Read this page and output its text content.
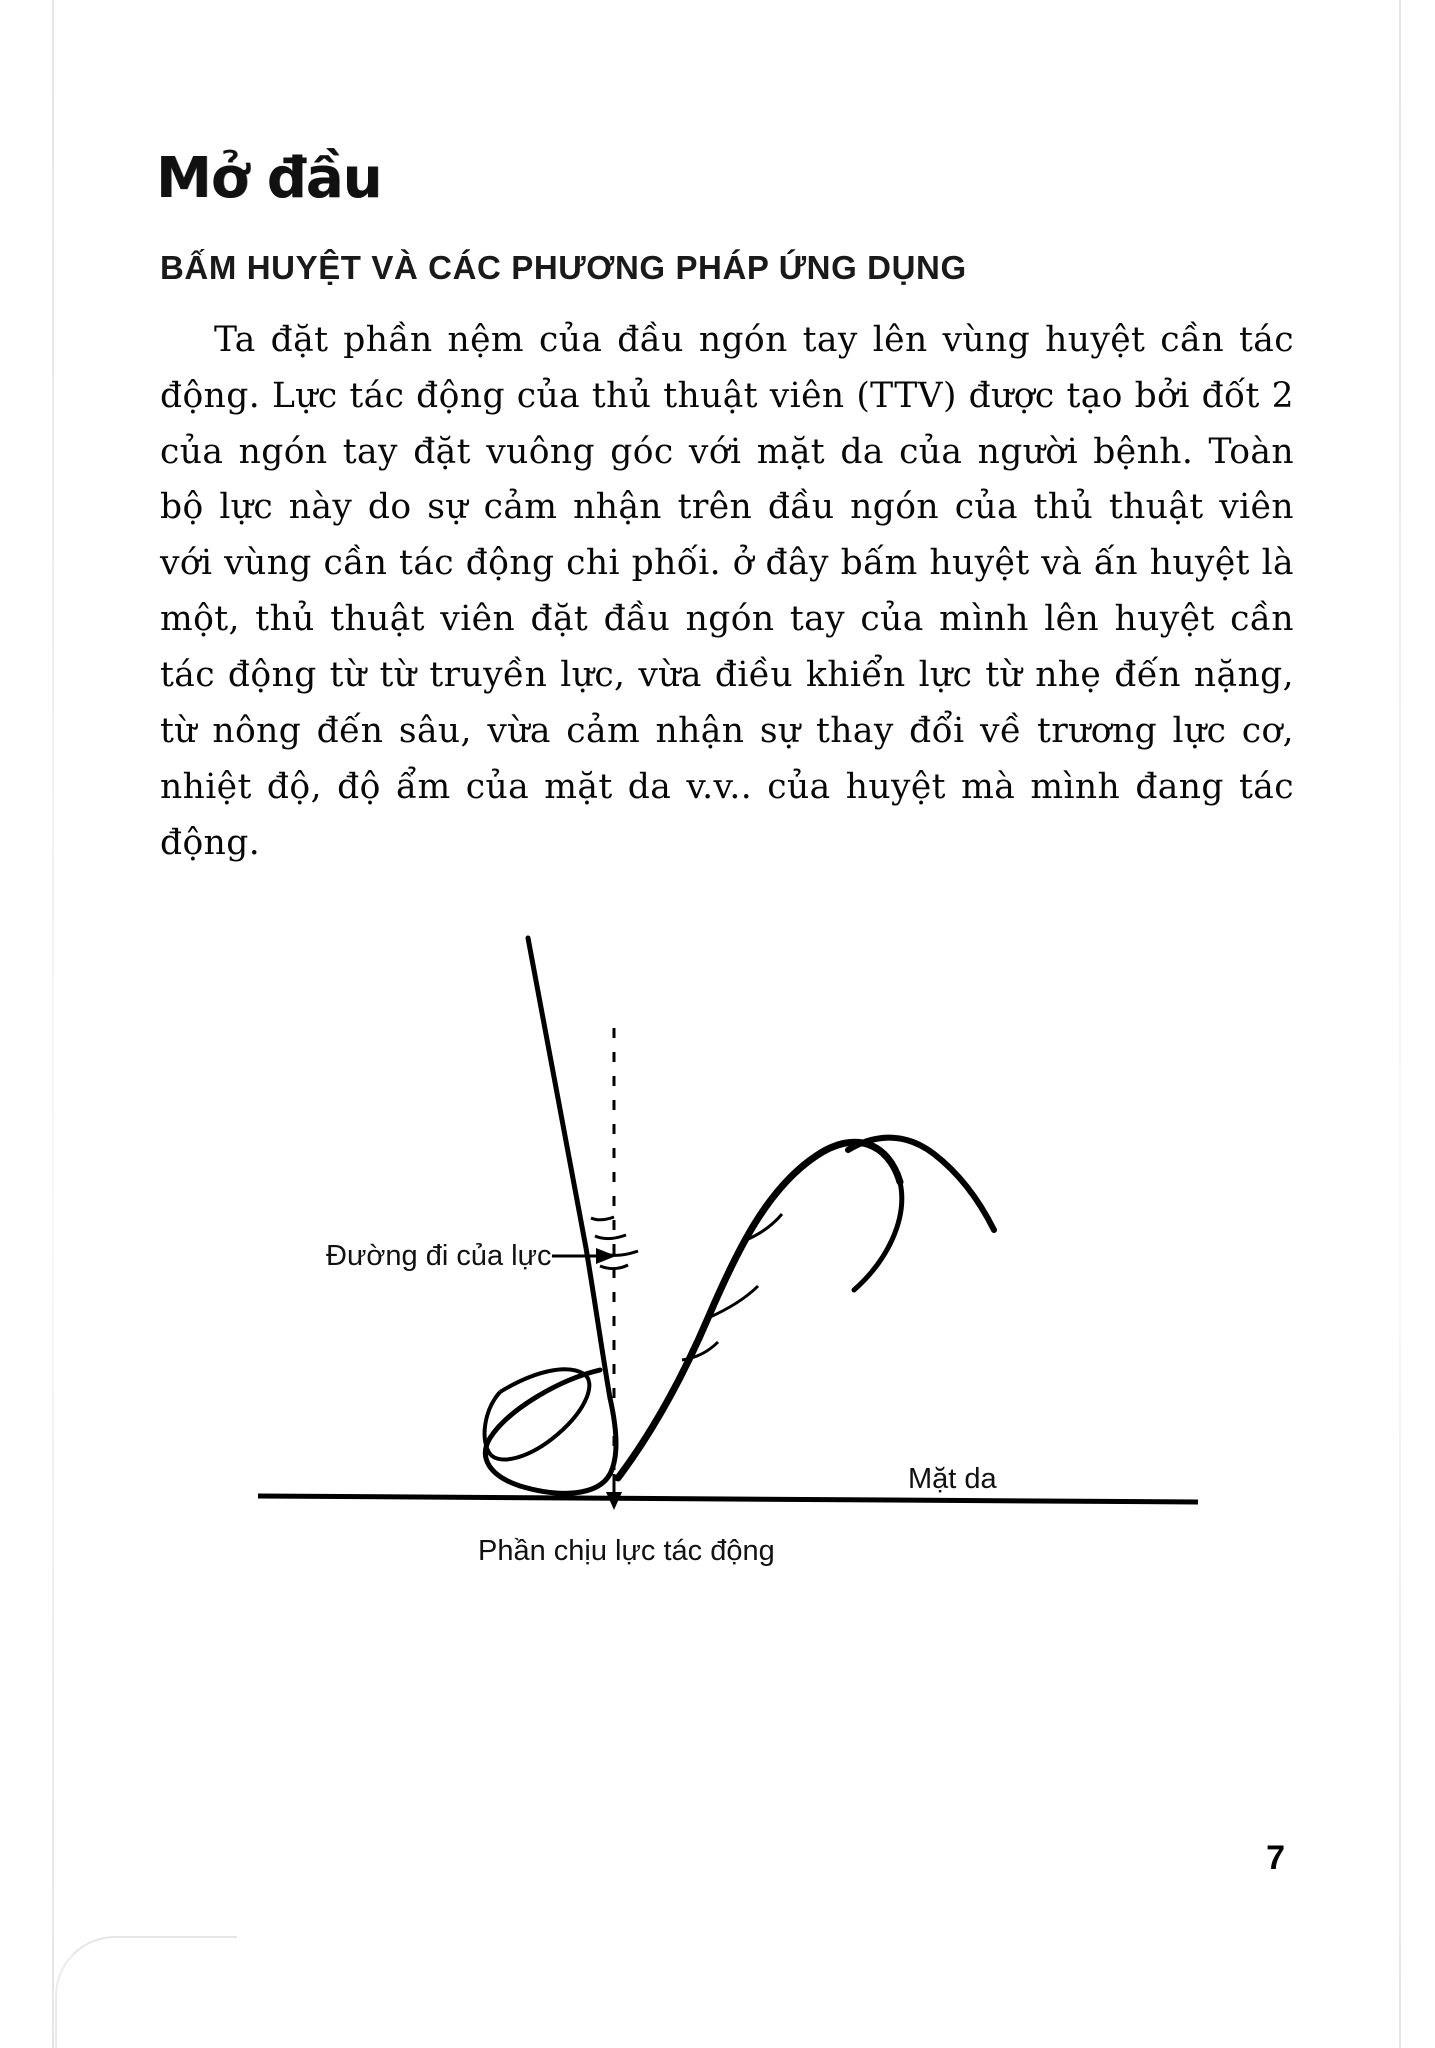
Mở đầu
BẤM HUYỆT VÀ CÁC PHƯƠNG PHÁP ỨNG DỤNG

Ta đặt phần nệm của đầu ngón tay lên vùng huyệt cần tác động. Lực tác động của thủ thuật viên (TTV) được tạo bởi đốt 2 của ngón tay đặt vuông góc với mặt da của người bệnh. Toàn bộ lực này do sự cảm nhận trên đầu ngón của thủ thuật viên với vùng cần tác động chi phối. ở đây bấm huyệt và ấn huyệt là một, thủ thuật viên đặt đầu ngón tay của mình lên huyệt cần tác động từ từ truyền lực, vừa điều khiển lực từ nhẹ đến nặng, từ nông đến sâu, vừa cảm nhận sự thay đổi về trương lực cơ, nhiệt độ, độ ẩm của mặt da v.v.. của huyệt mà mình đang tác động.

Đường đi của lực
Mặt da
Phần chịu lực tác động
7
